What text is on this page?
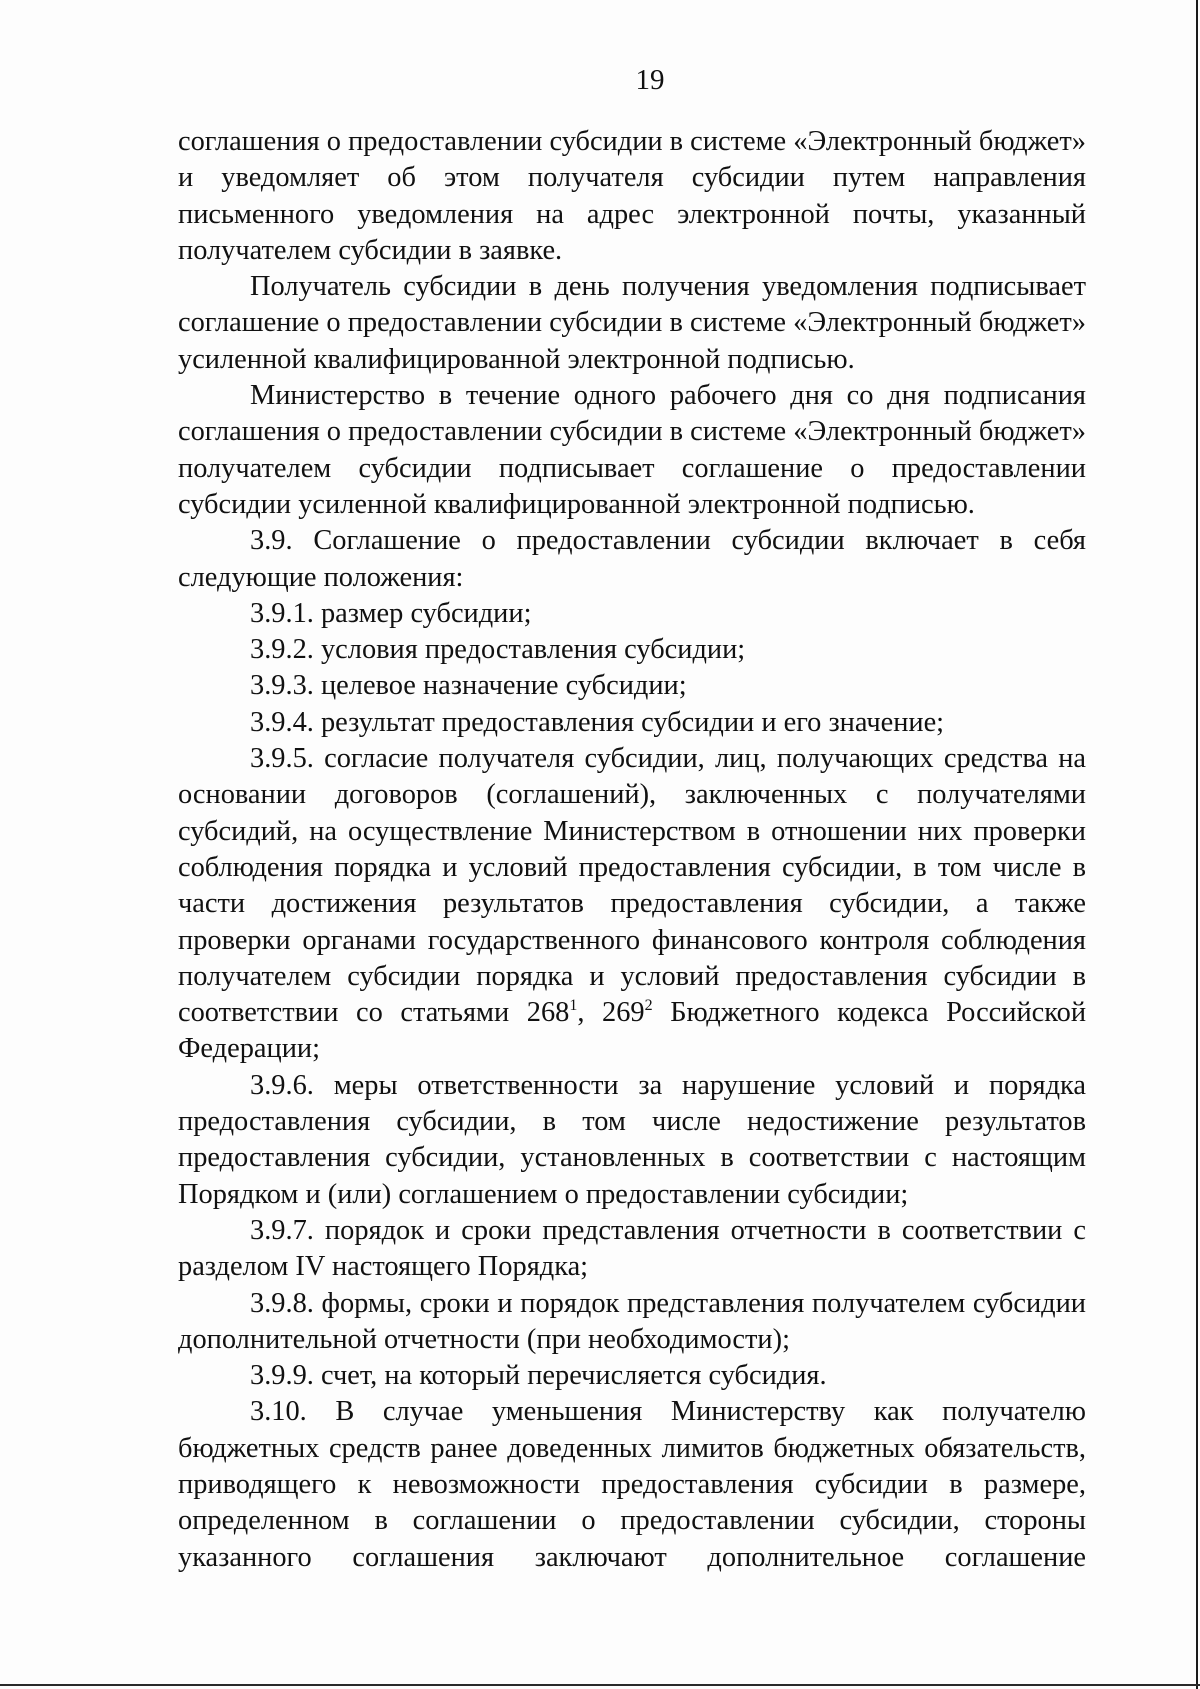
19

соглашения о предоставлении субсидии в системе «Электронный бюджет» и уведомляет об этом получателя субсидии путем направления письменного уведомления на адрес электронной почты, указанный получателем субсидии в заявке.

Получатель субсидии в день получения уведомления подписывает соглашение о предоставлении субсидии в системе «Электронный бюджет» усиленной квалифицированной электронной подписью.

Министерство в течение одного рабочего дня со дня подписания соглашения о предоставлении субсидии в системе «Электронный бюджет» получателем субсидии подписывает соглашение о предоставлении субсидии усиленной квалифицированной электронной подписью.

3.9. Соглашение о предоставлении субсидии включает в себя следующие положения:

3.9.1. размер субсидии;

3.9.2. условия предоставления субсидии;

3.9.3. целевое назначение субсидии;

3.9.4. результат предоставления субсидии и его значение;

3.9.5. согласие получателя субсидии, лиц, получающих средства на основании договоров (соглашений), заключенных с получателями субсидий, на осуществление Министерством в отношении них проверки соблюдения порядка и условий предоставления субсидии, в том числе в части достижения результатов предоставления субсидии, а также проверки органами государственного финансового контроля соблюдения получателем субсидии порядка и условий предоставления субсидии в соответствии со статьями $268^1$, $269^2$ Бюджетного кодекса Российской Федерации;

3.9.6. меры ответственности за нарушение условий и порядка предоставления субсидии, в том числе недостижение результатов предоставления субсидии, установленных в соответствии с настоящим Порядком и (или) соглашением о предоставлении субсидии;

3.9.7. порядок и сроки представления отчетности в соответствии с разделом IV настоящего Порядка;

3.9.8. формы, сроки и порядок представления получателем субсидии дополнительной отчетности (при необходимости);

3.9.9. счет, на который перечисляется субсидия.

3.10. В случае уменьшения Министерству как получателю бюджетных средств ранее доведенных лимитов бюджетных обязательств, приводящего к невозможности предоставления субсидии в размере, определенном в соглашении о предоставлении субсидии, стороны указанного соглашения заключают дополнительное соглашение
